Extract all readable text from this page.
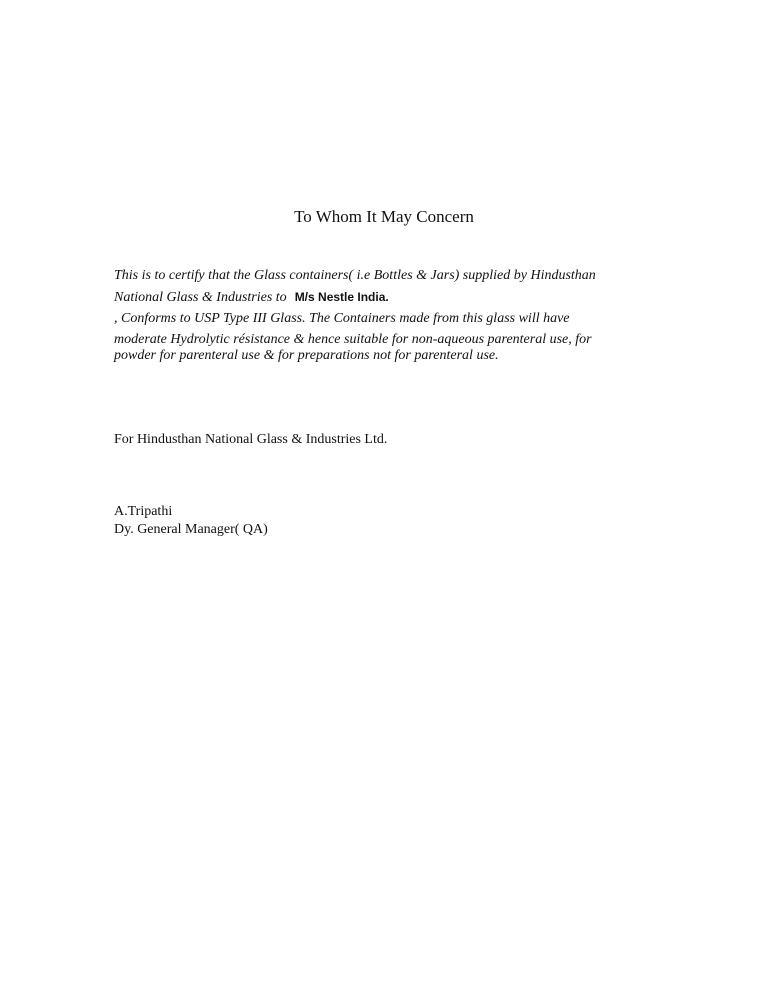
To Whom It May Concern
This is to certify that the Glass containers( i.e Bottles & Jars) supplied by Hindusthan
National Glass & Industries to M/s Nestle India.
, Conforms to USP Type III Glass. The Containers made from this glass will have
moderate Hydrolytic résistance & hence suitable for non-aqueous parenteral use, for
powder for parenteral use & for preparations not for parenteral use.
For Hindusthan National Glass & Industries Ltd.
A.Tripathi
Dy. General Manager( QA)
